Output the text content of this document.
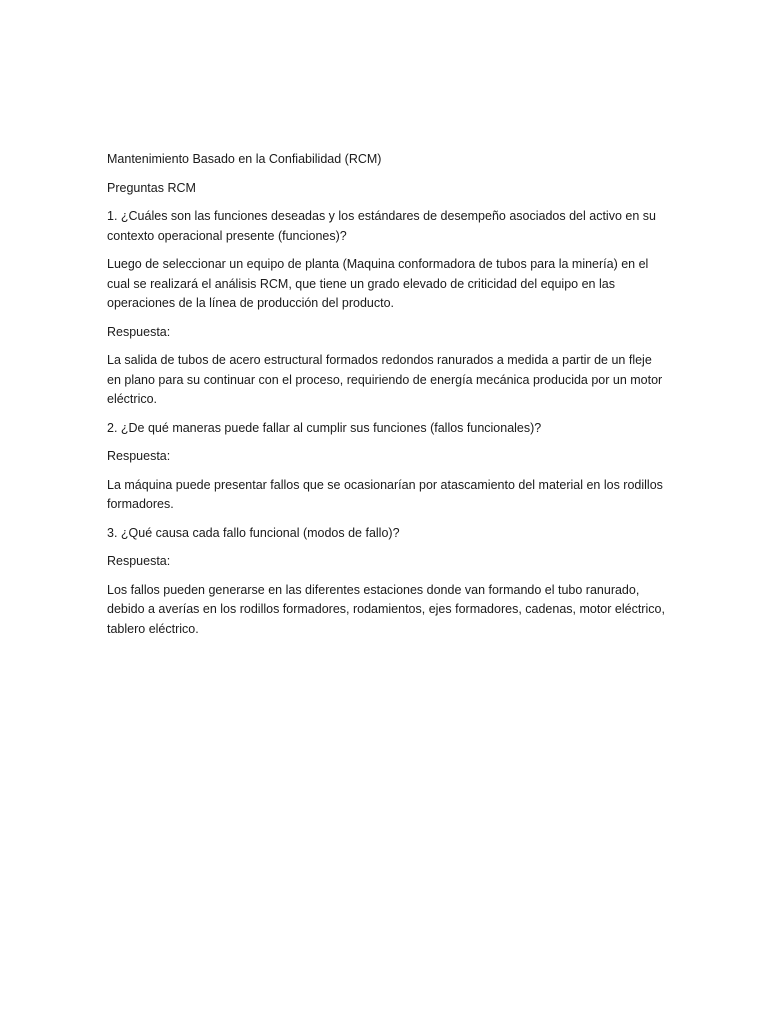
Mantenimiento Basado en la Confiabilidad (RCM)

Preguntas RCM

1. ¿Cuáles son las funciones deseadas y los estándares de desempeño asociados del activo en su contexto operacional presente (funciones)?

Luego de seleccionar un equipo de planta (Maquina conformadora de tubos para la minería) en el cual se realizará el análisis RCM, que tiene un grado elevado de criticidad del equipo en las operaciones de la línea de producción del producto.

Respuesta:

La salida de tubos de acero estructural formados redondos ranurados a medida a partir de un fleje en plano para su continuar con el proceso, requiriendo de energía mecánica producida por un motor eléctrico.

2. ¿De qué maneras puede fallar al cumplir sus funciones (fallos funcionales)?

Respuesta:

La máquina puede presentar fallos que se ocasionarían por atascamiento del material en los rodillos formadores.

3. ¿Qué causa cada fallo funcional (modos de fallo)?

Respuesta:

Los fallos pueden generarse en las diferentes estaciones donde van formando el tubo ranurado, debido a averías en los rodillos formadores, rodamientos, ejes formadores, cadenas, motor eléctrico, tablero eléctrico.
